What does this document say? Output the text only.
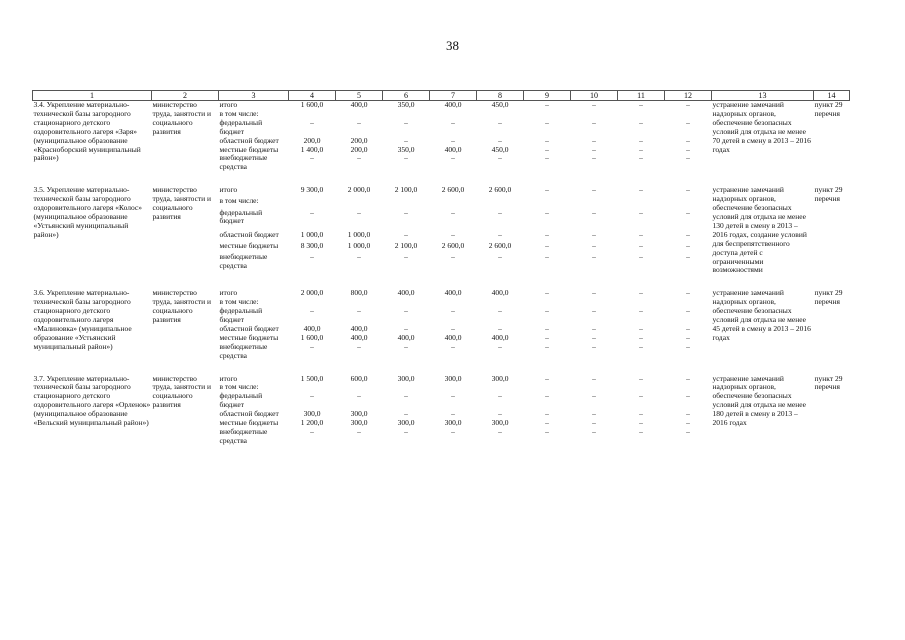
38
1	2	3	4	5	6	7	8	9	10	11	12	13	14
3.4. Укрепление материально-технической базы загородного стационарного детского оздоровительного лагеря «Заря» (муниципальное образование «Красноборский муниципальный район»)	министерство труда, занятости и социального развития	итого	1 600,0	400,0	350,0	400,0	450,0	–	–	–	–	устранение замечаний надзорных органов, обеспечение безопасных условий для отдыха не менее 70 детей в смену в 2013 – 2016 годах	пункт 29 перечня
		в том числе:											
		федеральный бюджет	–	–	–	–	–	–	–	–	–		
		областной бюджет	200,0	200,0	–	–	–	–	–	–	–		
		местные бюджеты	1 400,0	200,0	350,0	400,0	450,0	–	–	–	–		
		внебюджетные средства	–	–	–	–	–	–	–	–	–		

3.5. Укрепление материально-технической базы загородного оздоровительного лагеря «Колос» (муниципальное образование «Устьянский муниципальный район»)	министерство труда, занятости и социального развития	итого	9 300,0	2 000,0	2 100,0	2 600,0	2 600,0	–	–	–	–	устранение замечаний надзорных органов, обеспечение безопасных условий для отдыха не менее 130 детей в смену в 2013 – 2016 годах, создание условий для беспрепятственного доступа детей с ограниченными возможностями	пункт 29 перечня
		в том числе:											
		федеральный бюджет	–	–	–	–	–	–	–	–	–		
		областной бюджет	1 000,0	1 000,0	–	–	–	–	–	–	–		
		местные бюджеты	8 300,0	1 000,0	2 100,0	2 600,0	2 600,0	–	–	–	–		
		внебюджетные средства	–	–	–	–	–	–	–	–	–		

3.6. Укрепление материально-технической базы загородного стационарного детского оздоровительного лагеря «Малиновка» (муниципальное образование «Устьянский муниципальный район»)	министерство труда, занятости и социального развития	итого	2 000,0	800,0	400,0	400,0	400,0	–	–	–	–	устранение замечаний надзорных органов, обеспечение безопасных условий для отдыха не менее 45 детей в смену в 2013 – 2016 годах	пункт 29 перечня
		в том числе:											
		федеральный бюджет	–	–	–	–	–	–	–	–	–		
		областной бюджет	400,0	400,0	–	–	–	–	–	–	–		
		местные бюджеты	1 600,0	400,0	400,0	400,0	400,0	–	–	–	–		
		внебюджетные средства	–	–	–	–	–	–	–	–	–		

3.7. Укрепление материально-технической базы загородного стационарного детского оздоровительного лагеря «Орленок» (муниципальное образование «Вельский муниципальный район»)	министерство труда, занятости и социального развития	итого	1 500,0	600,0	300,0	300,0	300,0	–	–	–	–	устранение замечаний надзорных органов, обеспечение безопасных условий для отдыха не менее 180 детей в смену в 2013 – 2016 годах	пункт 29 перечня
		в том числе:											
		федеральный бюджет	–	–	–	–	–	–	–	–	–		
		областной бюджет	300,0	300,0	–	–	–	–	–	–	–		
		местные бюджеты	1 200,0	300,0	300,0	300,0	300,0	–	–	–	–		
		внебюджетные средства	–	–	–	–	–	–	–	–	–		
